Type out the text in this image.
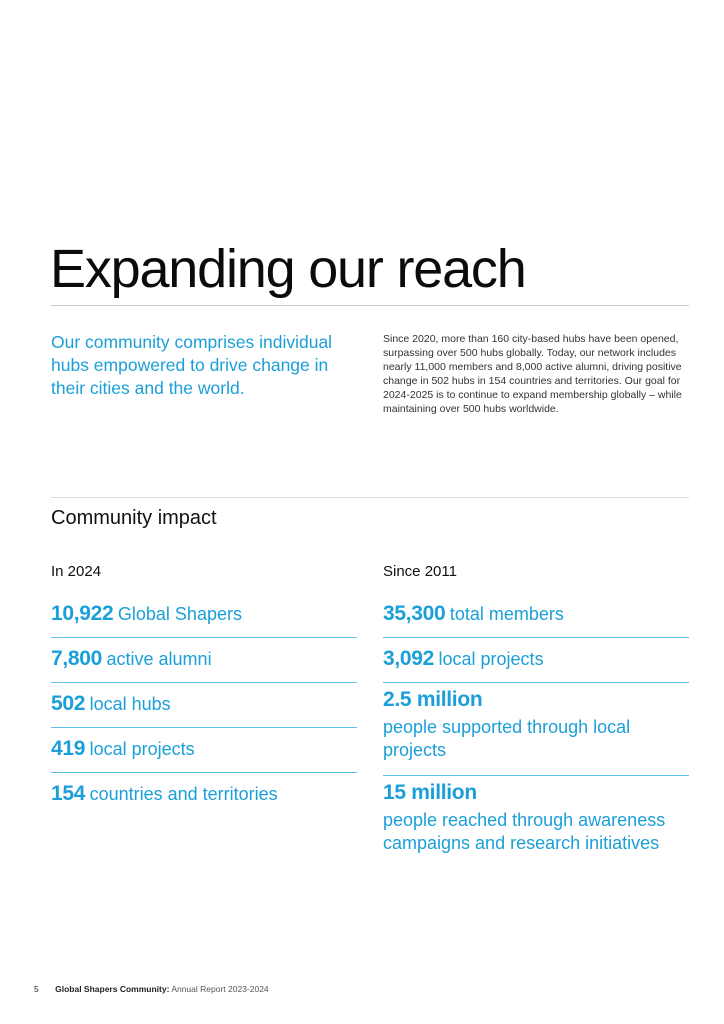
Expanding our reach

Our community comprises individual hubs empowered to drive change in their cities and the world.

Since 2020, more than 160 city-based hubs have been opened, surpassing over 500 hubs globally. Today, our network includes nearly 11,000 members and 8,000 active alumni, driving positive change in 502 hubs in 154 countries and territories. Our goal for 2024-2025 is to continue to expand membership globally – while maintaining over 500 hubs worldwide.

Community impact
In 2024	Since 2011
10,922 Global Shapers
7,800 active alumni
502 local hubs
419 local projects
154 countries and territories
35,300 total members
3,092 local projects
2.5 million
people supported through local projects
15 million
people reached through awareness campaigns and research initiatives
5 Global Shapers Community: Annual Report 2023-2024
